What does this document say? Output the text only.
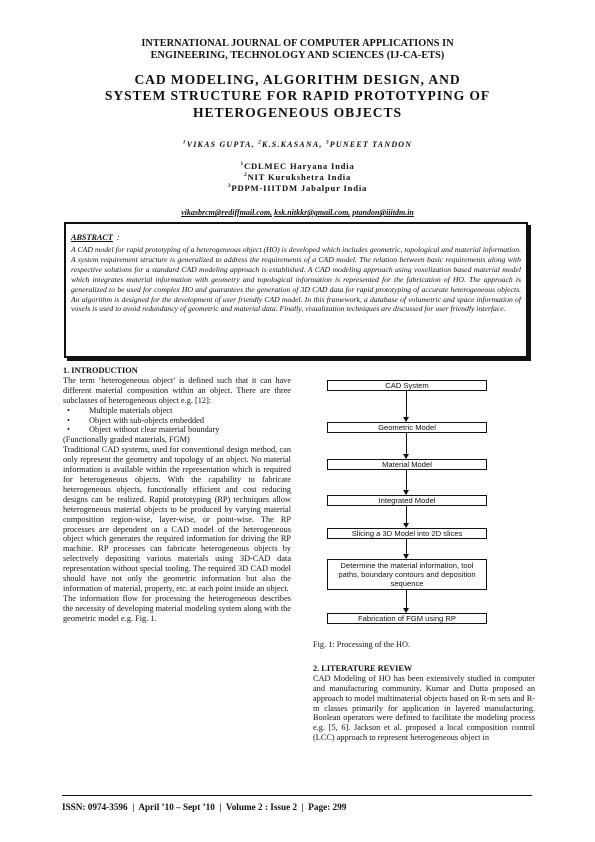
INTERNATIONAL JOURNAL OF COMPUTER APPLICATIONS IN
ENGINEERING, TECHNOLOGY AND SCIENCES (IJ-CA-ETS)
CAD MODELING, ALGORITHM DESIGN, AND
SYSTEM STRUCTURE FOR RAPID PROTOTYPING OF
HETEROGENEOUS OBJECTS
$^1$VIKAS GUPTA, $^2$K.S.KASANA, $^3$PUNEET TANDON
$^1$CDLMEC Haryana India
$^2$NIT Kurukshetra India
$^3$PDPM-IIITDM Jabalpur India
vikasbrcm@rediffmail.com, ksk.nitkkr@gmail.com, ptandon@iiitdm.in
ABSTRACT :

A CAD model for rapid prototyping of a heterogeneous object (HO) is developed which includes geometric, topological and material information. A system requirement structure is generalized to address the requirements of a CAD model. The relation between basic requirements along with respective solutions for a standard CAD modeling approach is established. A CAD modeling approach using voxelization based material model which integrates material information with geometry and topological information is represented for the fabrication of HO. The approach is generalized to be used for complex HO and guarantees the generation of 3D CAD data for rapid prototyping of accurate heterogeneous objects. An algorithm is designed for the development of user friendly CAD model. In this framework, a database of volumetric and space information of voxels is used to avoid redundancy of geometric and material data. Finally, visualization techniques are discussed for user friendly interface.

1. INTRODUCTION

The term ‘heterogeneous object’ is defined such that it can have different material composition within an object. There are three subclasses of heterogeneous object e.g. [12]:

• Multiple materials object
• Object with sub-objects embedded
• Object without clear material boundary

(Functionally graded materials, FGM)

Traditional CAD systems, used for conventional design method, can only represent the geometry and topology of an object. No material information is available within the representation which is required for heterogeneous objects. With the capability to fabricate heterogeneous objects, functionally efficient and cost reducing designs can be realized. Rapid prototyping (RP) techniques allow heterogeneous material objects to be produced by varying material composition region-wise, layer-wise, or point-wise. The RP processes are dependent on a CAD model of the heterogeneous object which generates the required information for driving the RP machine. RP processes can fabricate heterogeneous objects by selectively depositing various materials using 3D-CAD data representation without special tooling. The required 3D CAD model should have not only the geometric information but also the information of material, property, etc. at each point inside an object.

The information flow for processing the heterogeneous describes the necessity of developing material modeling system along with the geometric model e.g. Fig. 1.

CAD System
Geometric Model
Material Model
Integrated Model
Slicing a 3D Model into 2D slices
Determine the material information, tool paths, boundary contours and deposition sequence
Fabrication of FGM using RP

Fig. 1: Processing of the HO.

2. LITERATURE REVIEW

CAD Modeling of HO has been extensively studied in computer and manufacturing community. Kumar and Dutta proposed an approach to model multimaterial objects based on R-m sets and R-m classes primarily for application in layered manufacturing. Boolean operators were defined to facilitate the modeling process e.g. [5, 6]. Jackson et al. proposed a local composition control (LCC) approach to represent heterogeneous object in

ISSN: 0974-3596  |  April ’10 – Sept ’10  |  Volume 2 : Issue 2  |  Page: 299
